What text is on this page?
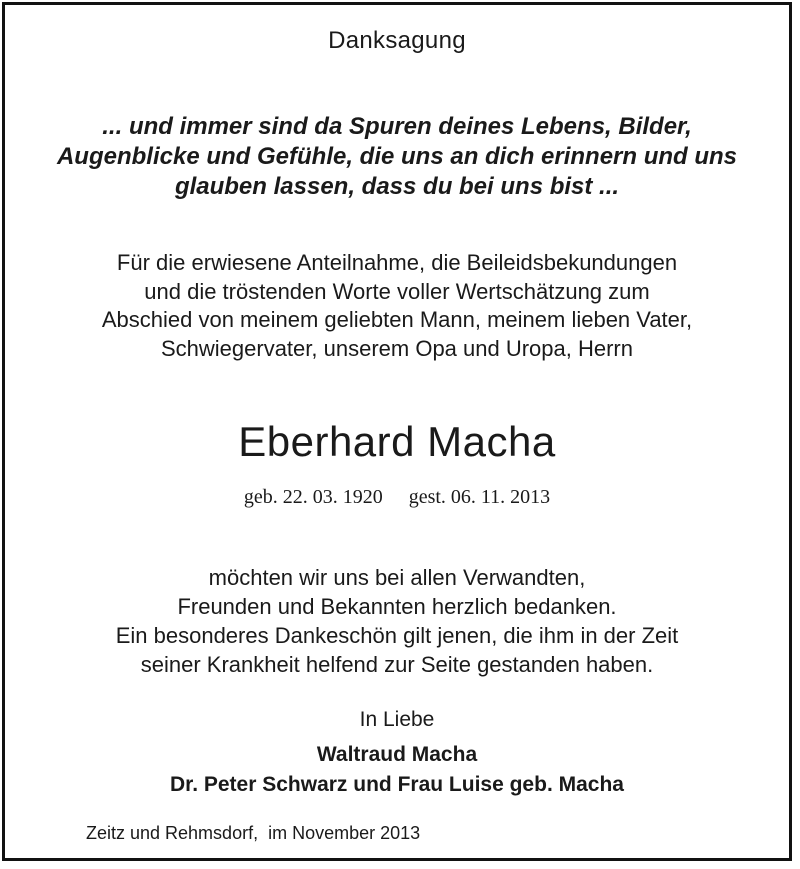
Danksagung
... und immer sind da Spuren deines Lebens, Bilder,
Augenblicke und Gefühle, die uns an dich erinnern und uns
glauben lassen, dass du bei uns bist ...
Für die erwiesene Anteilnahme, die Beileidsbekundungen
und die tröstenden Worte voller Wertschätzung zum
Abschied von meinem geliebten Mann, meinem lieben Vater,
Schwiegervater, unserem Opa und Uropa, Herrn
Eberhard Macha
geb. 22. 03. 1920 gest. 06. 11. 2013
möchten wir uns bei allen Verwandten,
Freunden und Bekannten herzlich bedanken.
Ein besonderes Dankeschön gilt jenen, die ihm in der Zeit
seiner Krankheit helfend zur Seite gestanden haben.
In Liebe
Waltraud Macha
Dr. Peter Schwarz und Frau Luise geb. Macha
Zeitz und Rehmsdorf,  im November 2013
